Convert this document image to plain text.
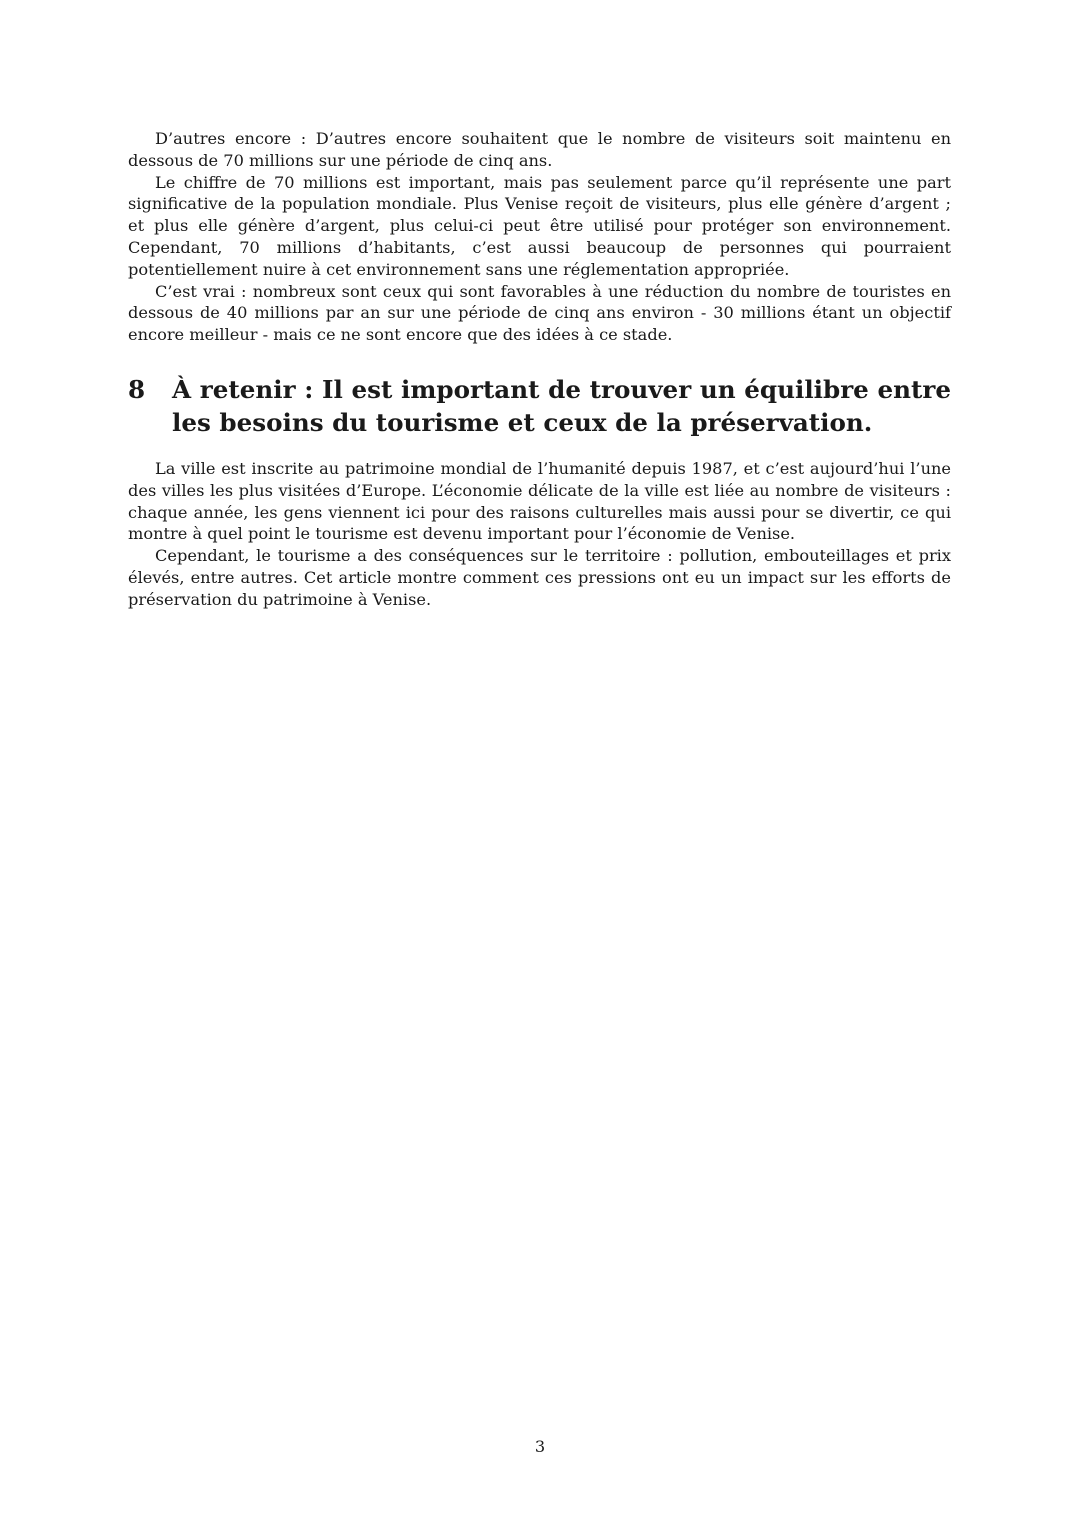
D’autres encore : D’autres encore souhaitent que le nombre de visiteurs soit maintenu en dessous de 70 millions sur une période de cinq ans.

Le chiffre de 70 millions est important, mais pas seulement parce qu’il représente une part significative de la population mondiale. Plus Venise reçoit de visiteurs, plus elle génère d’argent ; et plus elle génère d’argent, plus celui-ci peut être utilisé pour protéger son environnement. Cependant, 70 millions d’habitants, c’est aussi beaucoup de personnes qui pourraient potentiellement nuire à cet environnement sans une réglementation appropriée.

C’est vrai : nombreux sont ceux qui sont favorables à une réduction du nombre de touristes en dessous de 40 millions par an sur une période de cinq ans environ - 30 millions étant un objectif encore meilleur - mais ce ne sont encore que des idées à ce stade.

8	À retenir : Il est important de trouver un équilibre entre les besoins du tourisme et ceux de la préservation.

La ville est inscrite au patrimoine mondial de l’humanité depuis 1987, et c’est aujourd’hui l’une des villes les plus visitées d’Europe. L’économie délicate de la ville est liée au nombre de visiteurs : chaque année, les gens viennent ici pour des raisons culturelles mais aussi pour se divertir, ce qui montre à quel point le tourisme est devenu important pour l’économie de Venise.

Cependant, le tourisme a des conséquences sur le territoire : pollution, embouteillages et prix élevés, entre autres. Cet article montre comment ces pressions ont eu un impact sur les efforts de préservation du patrimoine à Venise.

3
